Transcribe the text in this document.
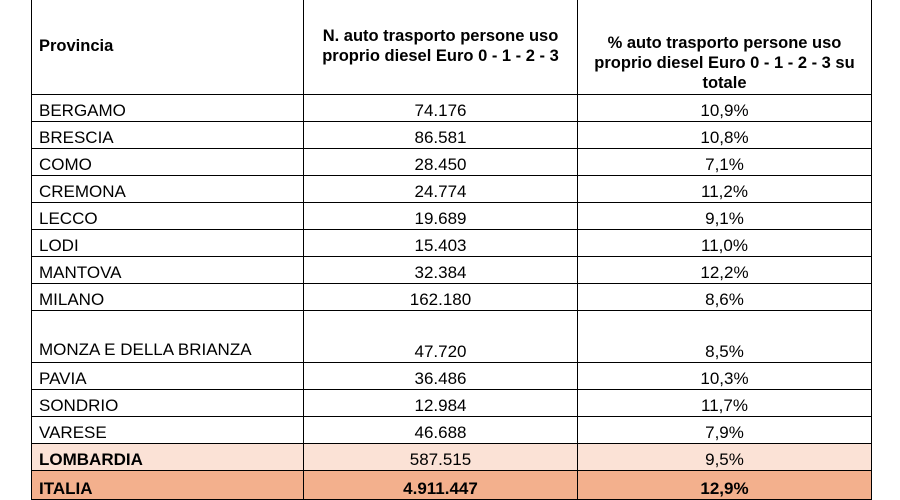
Provincia	N. auto trasporto persone uso proprio diesel Euro 0 - 1 - 2 - 3	% auto trasporto persone uso proprio diesel Euro 0 - 1 - 2 - 3 su totale
BERGAMO	74.176	10,9%
BRESCIA	86.581	10,8%
COMO	28.450	7,1%
CREMONA	24.774	11,2%
LECCO	19.689	9,1%
LODI	15.403	11,0%
MANTOVA	32.384	12,2%
MILANO	162.180	8,6%
MONZA E DELLA BRIANZA	47.720	8,5%
PAVIA	36.486	10,3%
SONDRIO	12.984	11,7%
VARESE	46.688	7,9%
LOMBARDIA	587.515	9,5%
ITALIA	4.911.447	12,9%
